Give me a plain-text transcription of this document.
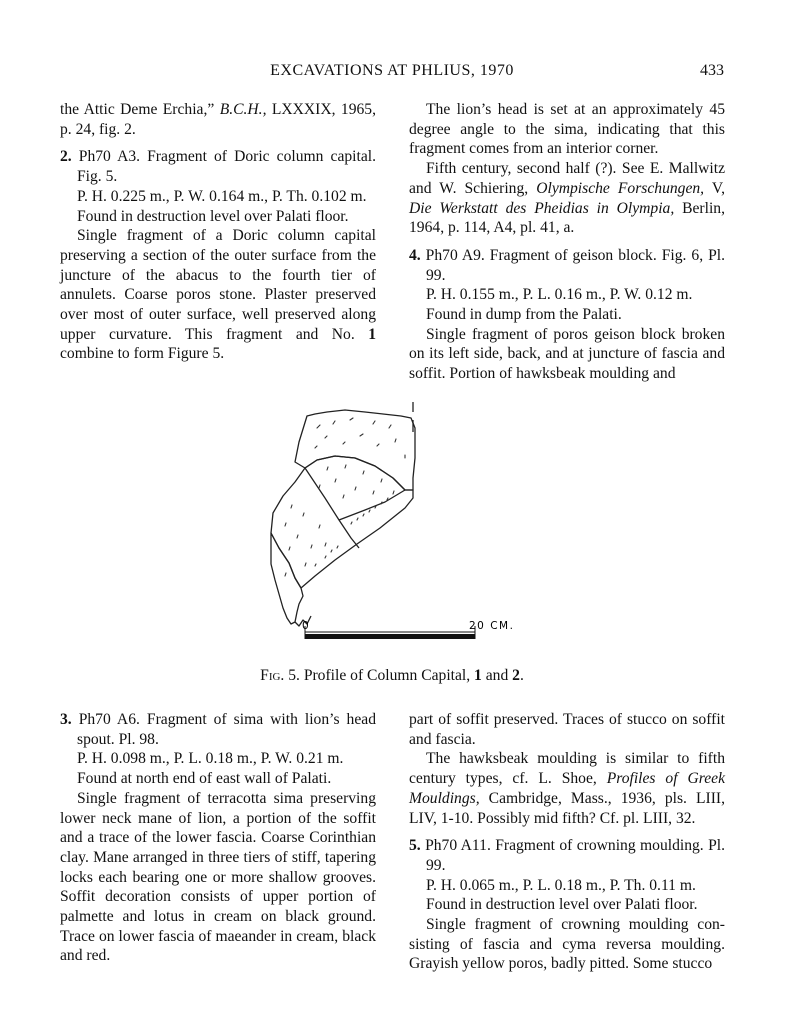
EXCAVATIONS AT PHLIUS, 1970	433

the Attic Deme Erchia,” B.C.H., LXXXIX, 1965, p. 24, fig. 2.

2. Ph70 A3. Fragment of Doric column capital. Fig. 5.

P. H. 0.225 m., P. W. 0.164 m., P. Th. 0.102 m.

Found in destruction level over Palati floor.

Single fragment of a Doric column capital preserving a section of the outer surface from the juncture of the abacus to the fourth tier of annulets. Coarse poros stone. Plaster preserved over most of outer surface, well preserved along upper curvature. This fragment and No. 1 combine to form Figure 5.

The lion’s head is set at an approximately 45 degree angle to the sima, indicating that this fragment comes from an interior corner.

Fifth century, second half (?). See E. Mallwitz and W. Schiering, Olympische Forschungen, V, Die Werkstatt des Pheidias in Olympia, Berlin, 1964, p. 114, A4, pl. 41, a.

4. Ph70 A9. Fragment of geison block. Fig. 6, Pl. 99.

P. H. 0.155 m., P. L. 0.16 m., P. W. 0.12 m.

Found in dump from the Palati.

Single fragment of poros geison block broken on its left side, back, and at juncture of fascia and soffit. Portion of hawksbeak moulding and

0	20 CM.
Fig. 5. Profile of Column Capital, 1 and 2.

3. Ph70 A6. Fragment of sima with lion’s head spout. Pl. 98.

P. H. 0.098 m., P. L. 0.18 m., P. W. 0.21 m.

Found at north end of east wall of Palati.

Single fragment of terracotta sima preserving lower neck mane of lion, a portion of the soffit and a trace of the lower fascia. Coarse Corinthian clay. Mane arranged in three tiers of stiff, tapering locks each bearing one or more shallow grooves. Soffit decoration consists of upper portion of palmette and lotus in cream on black ground. Trace on lower fascia of maeander in cream, black and red.

part of soffit preserved. Traces of stucco on soffit and fascia.

The hawksbeak moulding is similar to fifth century types, cf. L. Shoe, Profiles of Greek Mouldings, Cambridge, Mass., 1936, pls. LIII, LIV, 1-10. Possibly mid fifth? Cf. pl. LIII, 32.

5. Ph70 A11. Fragment of crowning moulding. Pl. 99.

P. H. 0.065 m., P. L. 0.18 m., P. Th. 0.11 m.

Found in destruction level over Palati floor.

Single fragment of crowning moulding consisting of fascia and cyma reversa moulding. Grayish yellow poros, badly pitted. Some stucco
